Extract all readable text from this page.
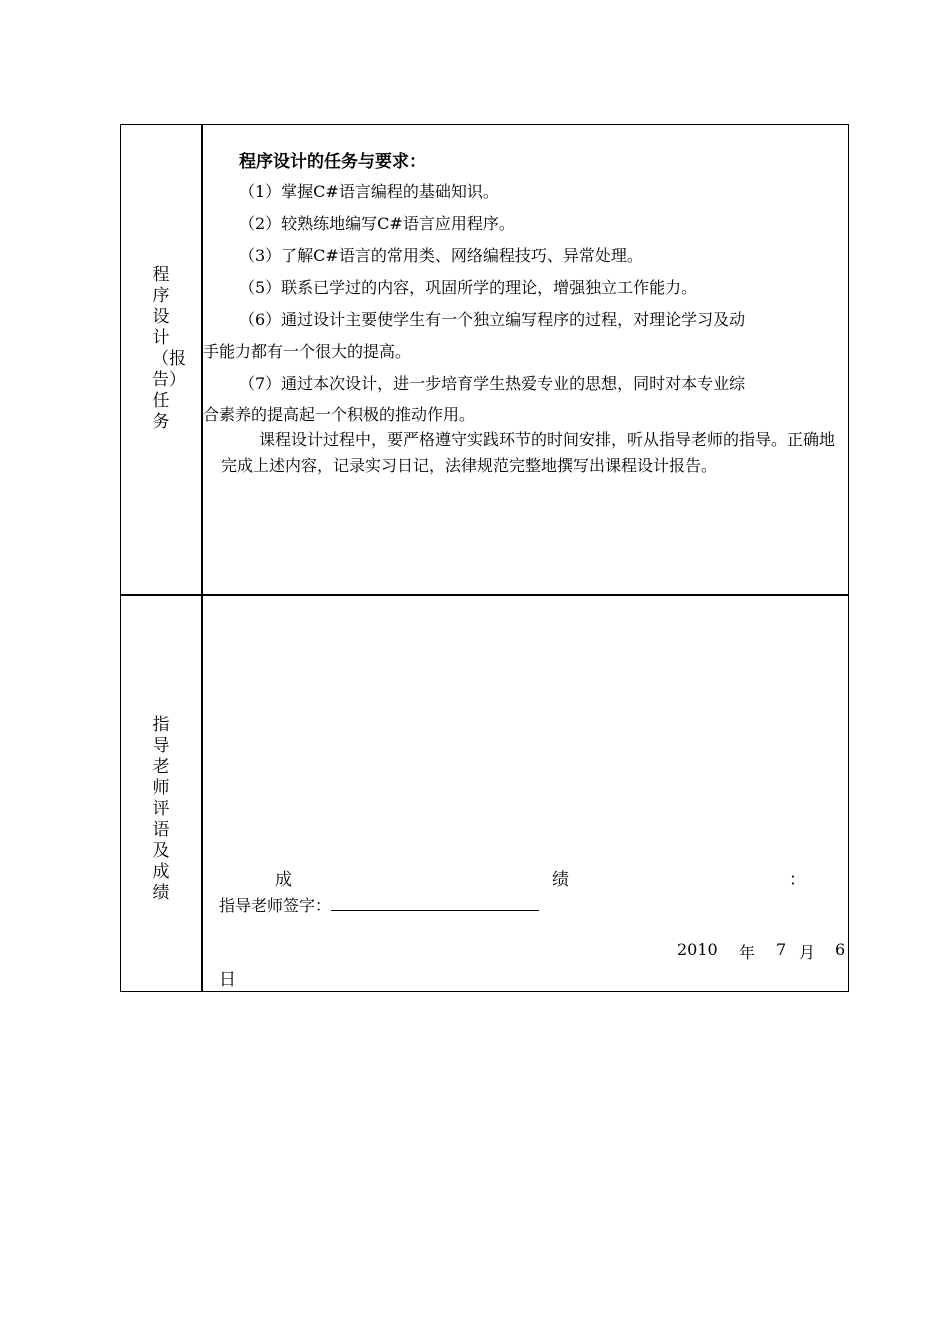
程序设计（报告）任务
指导老师评语及成绩
程序设计的任务与要求：
（1）掌握C#语言编程的基础知识。
（2）较熟练地编写C#语言应用程序。
（3）了解C#语言的常用类、网络编程技巧、异常处理。
（5）联系已学过的内容，巩固所学的理论，增强独立工作能力。
（6）通过设计主要使学生有一个独立编写程序的过程，对理论学习及动
手能力都有一个很大的提高。
（7）通过本次设计，进一步培育学生热爱专业的思想，同时对本专业综
合素养的提高起一个积极的推动作用。
课程设计过程中，要严格遵守实践环节的时间安排，听从指导老师的指导。正确地完成上述内容，记录实习日记，法律规范完整地撰写出课程设计报告。
成	绩	：
指导老师签字：
2010 年 7 月 6
日
